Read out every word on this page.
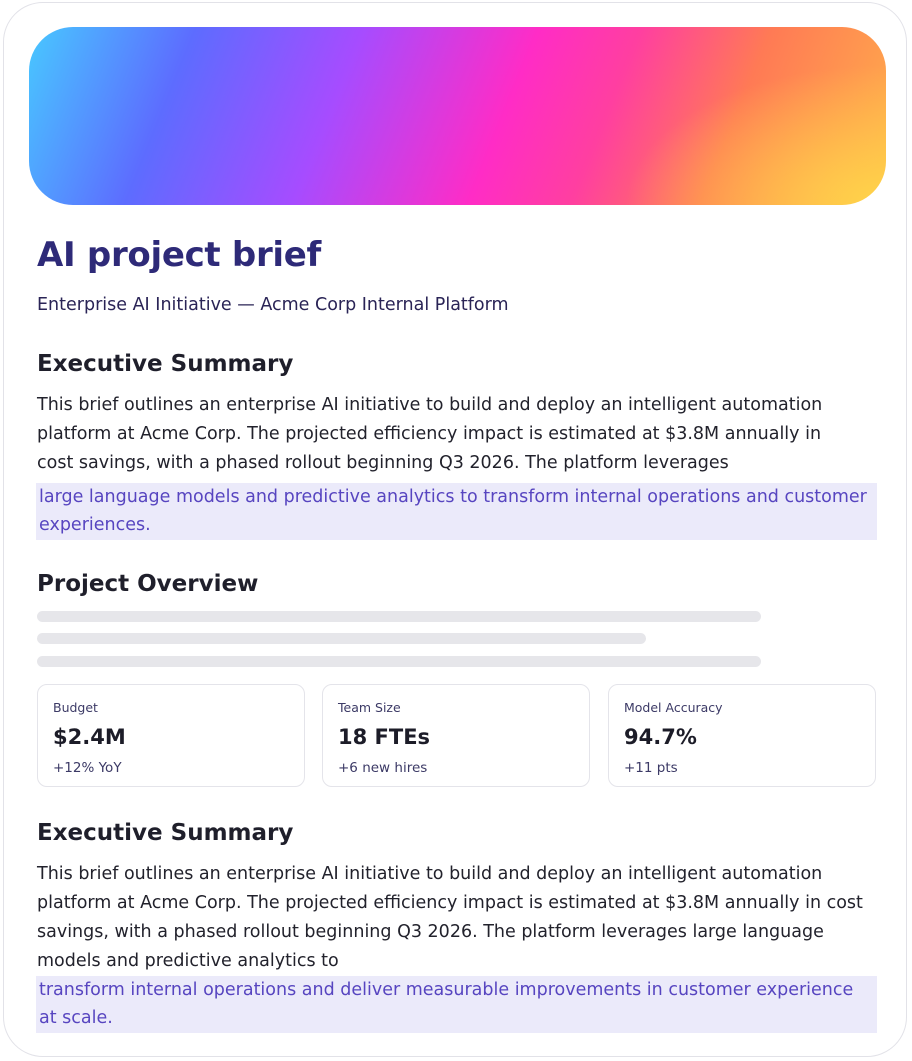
AI project brief
Enterprise AI Initiative — Acme Corp Internal Platform
Executive Summary
This brief outlines an enterprise AI initiative to build and deploy an intelligent automation platform at Acme Corp. The projected efficiency impact is estimated at $3.8M annually in cost savings, with a phased rollout beginning Q3 2026. The platform leverages
large language models and predictive analytics to transform internal operations and customer experiences.
Project Overview
Budget
$2.4M
+12% YoY
Team Size
18 FTEs
+6 new hires
Model Accuracy
94.7%
+11 pts
Executive Summary
This brief outlines an enterprise AI initiative to build and deploy an intelligent automation platform at Acme Corp. The projected efficiency impact is estimated at $3.8M annually in cost savings, with a phased rollout beginning Q3 2026. The platform leverages large language models and predictive analytics to
transform internal operations and deliver measurable improvements in customer experience at scale.
